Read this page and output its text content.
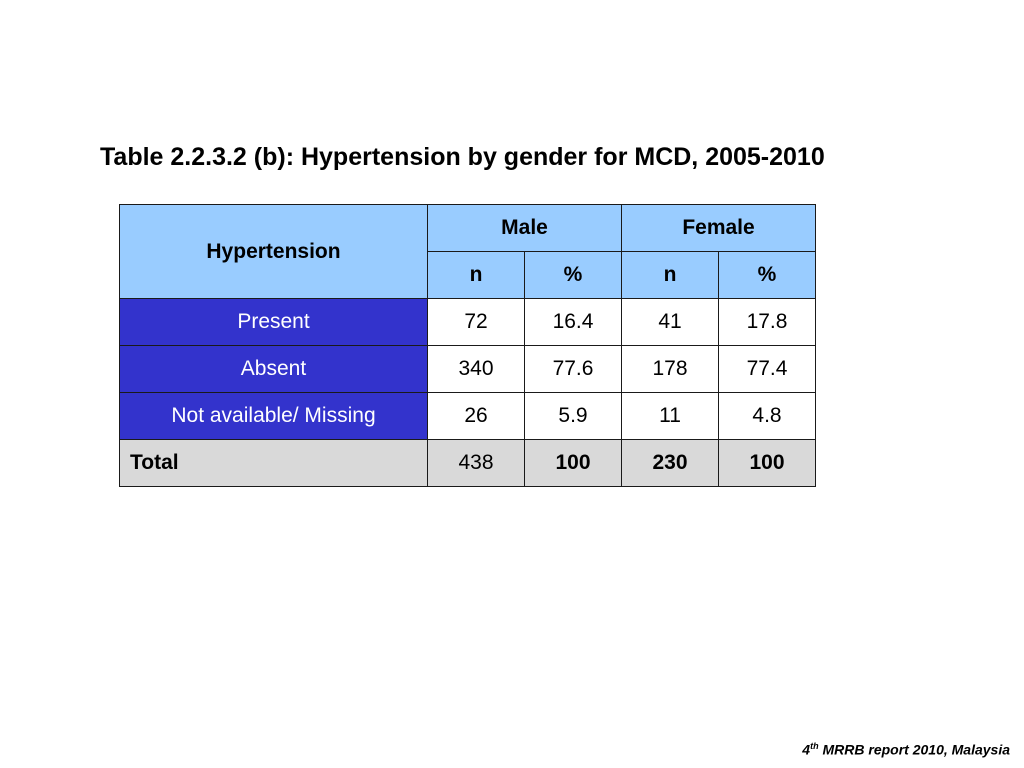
Table 2.2.3.2 (b): Hypertension by gender for MCD, 2005-2010
Hypertension	Male		Female	
	n	%	n	%
Present	72	16.4	41	17.8
Absent	340	77.6	178	77.4
Not available/ Missing	26	5.9	11	4.8
Total	438	100	230	100
4th MRRB report 2010, Malaysia
